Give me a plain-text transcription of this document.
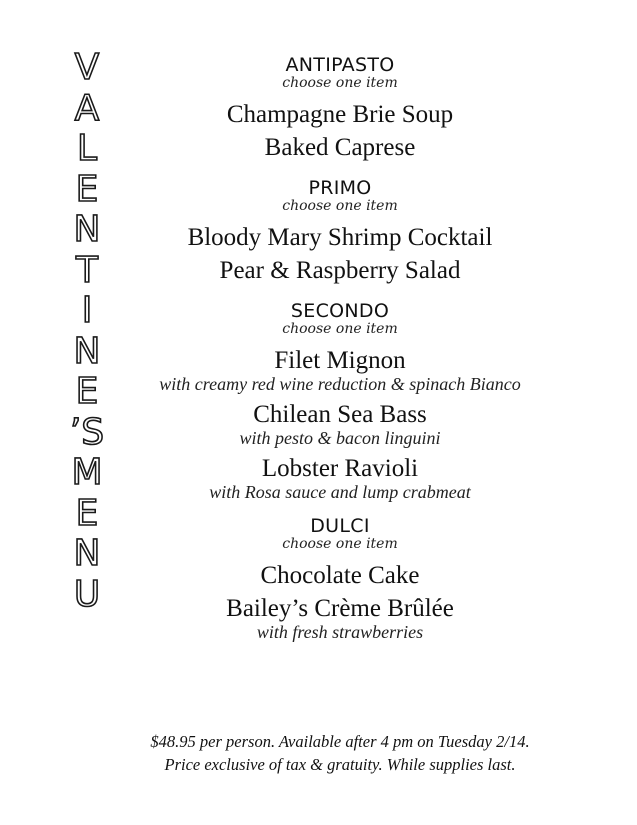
V
A
L
E
N
T
I
N
E
’S
M
E
N
U
ANTIPASTO
choose one item
Champagne Brie Soup
Baked Caprese
PRIMO
choose one item
Bloody Mary Shrimp Cocktail
Pear & Raspberry Salad
SECONDO
choose one item
Filet Mignon
with creamy red wine reduction & spinach Bianco
Chilean Sea Bass
with pesto & bacon linguini
Lobster Ravioli
with Rosa sauce and lump crabmeat
DULCI
choose one item
Chocolate Cake
Bailey’s Crème Brûlée
with fresh strawberries
$48.95 per person. Available after 4 pm on Tuesday 2/14.
Price exclusive of tax & gratuity. While supplies last.
